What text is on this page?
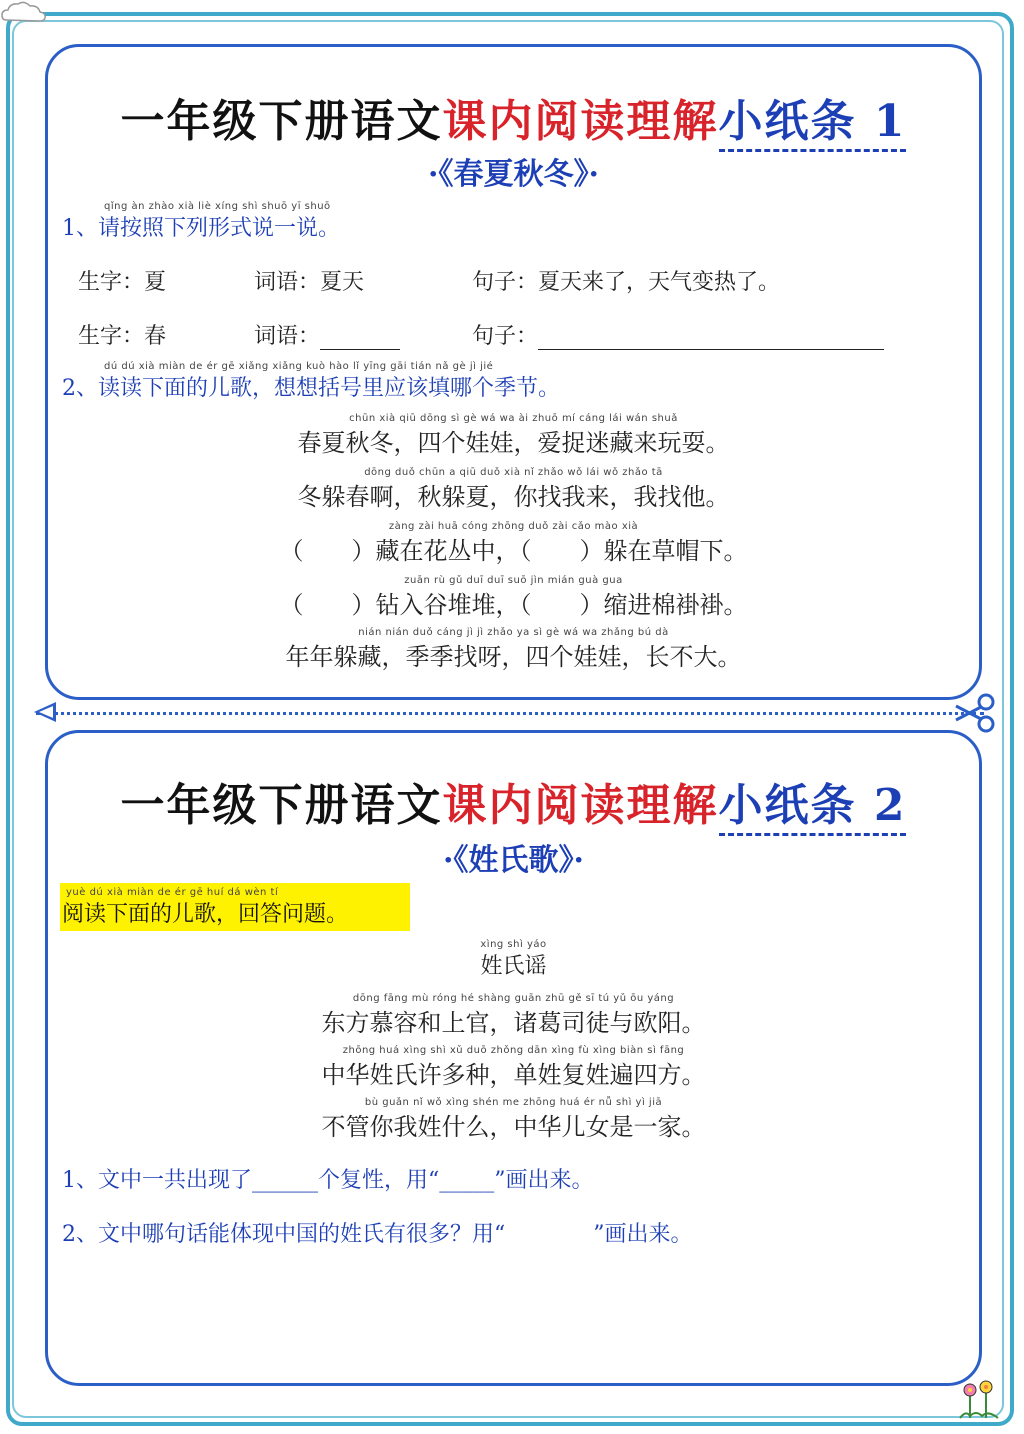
一年级下册语文课内阅读理解小纸条 1
·《春夏秋冬》·
qǐng àn zhào xià liè xíng shì shuō yī shuō
1、请按照下列形式说一说。
生字：夏	词语：夏天	句子：夏天来了，天气变热了。
生字：春	词语：	句子：
dú dú xià miàn de ér gē xiǎng xiǎng kuò hào lǐ yīng gāi tián nǎ gè jì jié
2、读读下面的儿歌，想想括号里应该填哪个季节。
chūn xià qiū dōng sì gè wá wa ài zhuō mí cáng lái wán shuǎ
春夏秋冬，四个娃娃，爱捉迷藏来玩耍。
dōng duǒ chūn a qiū duǒ xià nǐ zhǎo wǒ lái wǒ zhǎo tā
冬躲春啊，秋躲夏，你找我来，我找他。
zàng zài huā cóng zhōng duǒ zài cǎo mào xià
（　　）藏在花丛中，（　　）躲在草帽下。
zuān rù gǔ duī duī suō jìn mián guà gua
（　　）钻入谷堆堆，（　　）缩进棉褂褂。
nián nián duǒ cáng jì jì zhǎo ya sì gè wá wa zhǎng bú dà
年年躲藏，季季找呀，四个娃娃，长不大。
一年级下册语文课内阅读理解小纸条 2
·《姓氏歌》·
yuè dú xià miàn de ér gē huí dá wèn tí
阅读下面的儿歌，回答问题。
xìng shì yáo
姓氏谣
dōng fāng mù róng hé shàng guān zhū gě sī tú yǔ ōu yáng
东方慕容和上官，诸葛司徒与欧阳。
zhōng huá xìng shì xǔ duō zhǒng dān xìng fù xìng biàn sì fāng
中华姓氏许多种，单姓复姓遍四方。
bù guǎn nǐ wǒ xìng shén me zhōng huá ér nǚ shì yì jiā
不管你我姓什么，中华儿女是一家。
1、文中一共出现了______个复性，用“_____”画出来。
2、文中哪句话能体现中国的姓氏有很多？用“　　　　”画出来。
